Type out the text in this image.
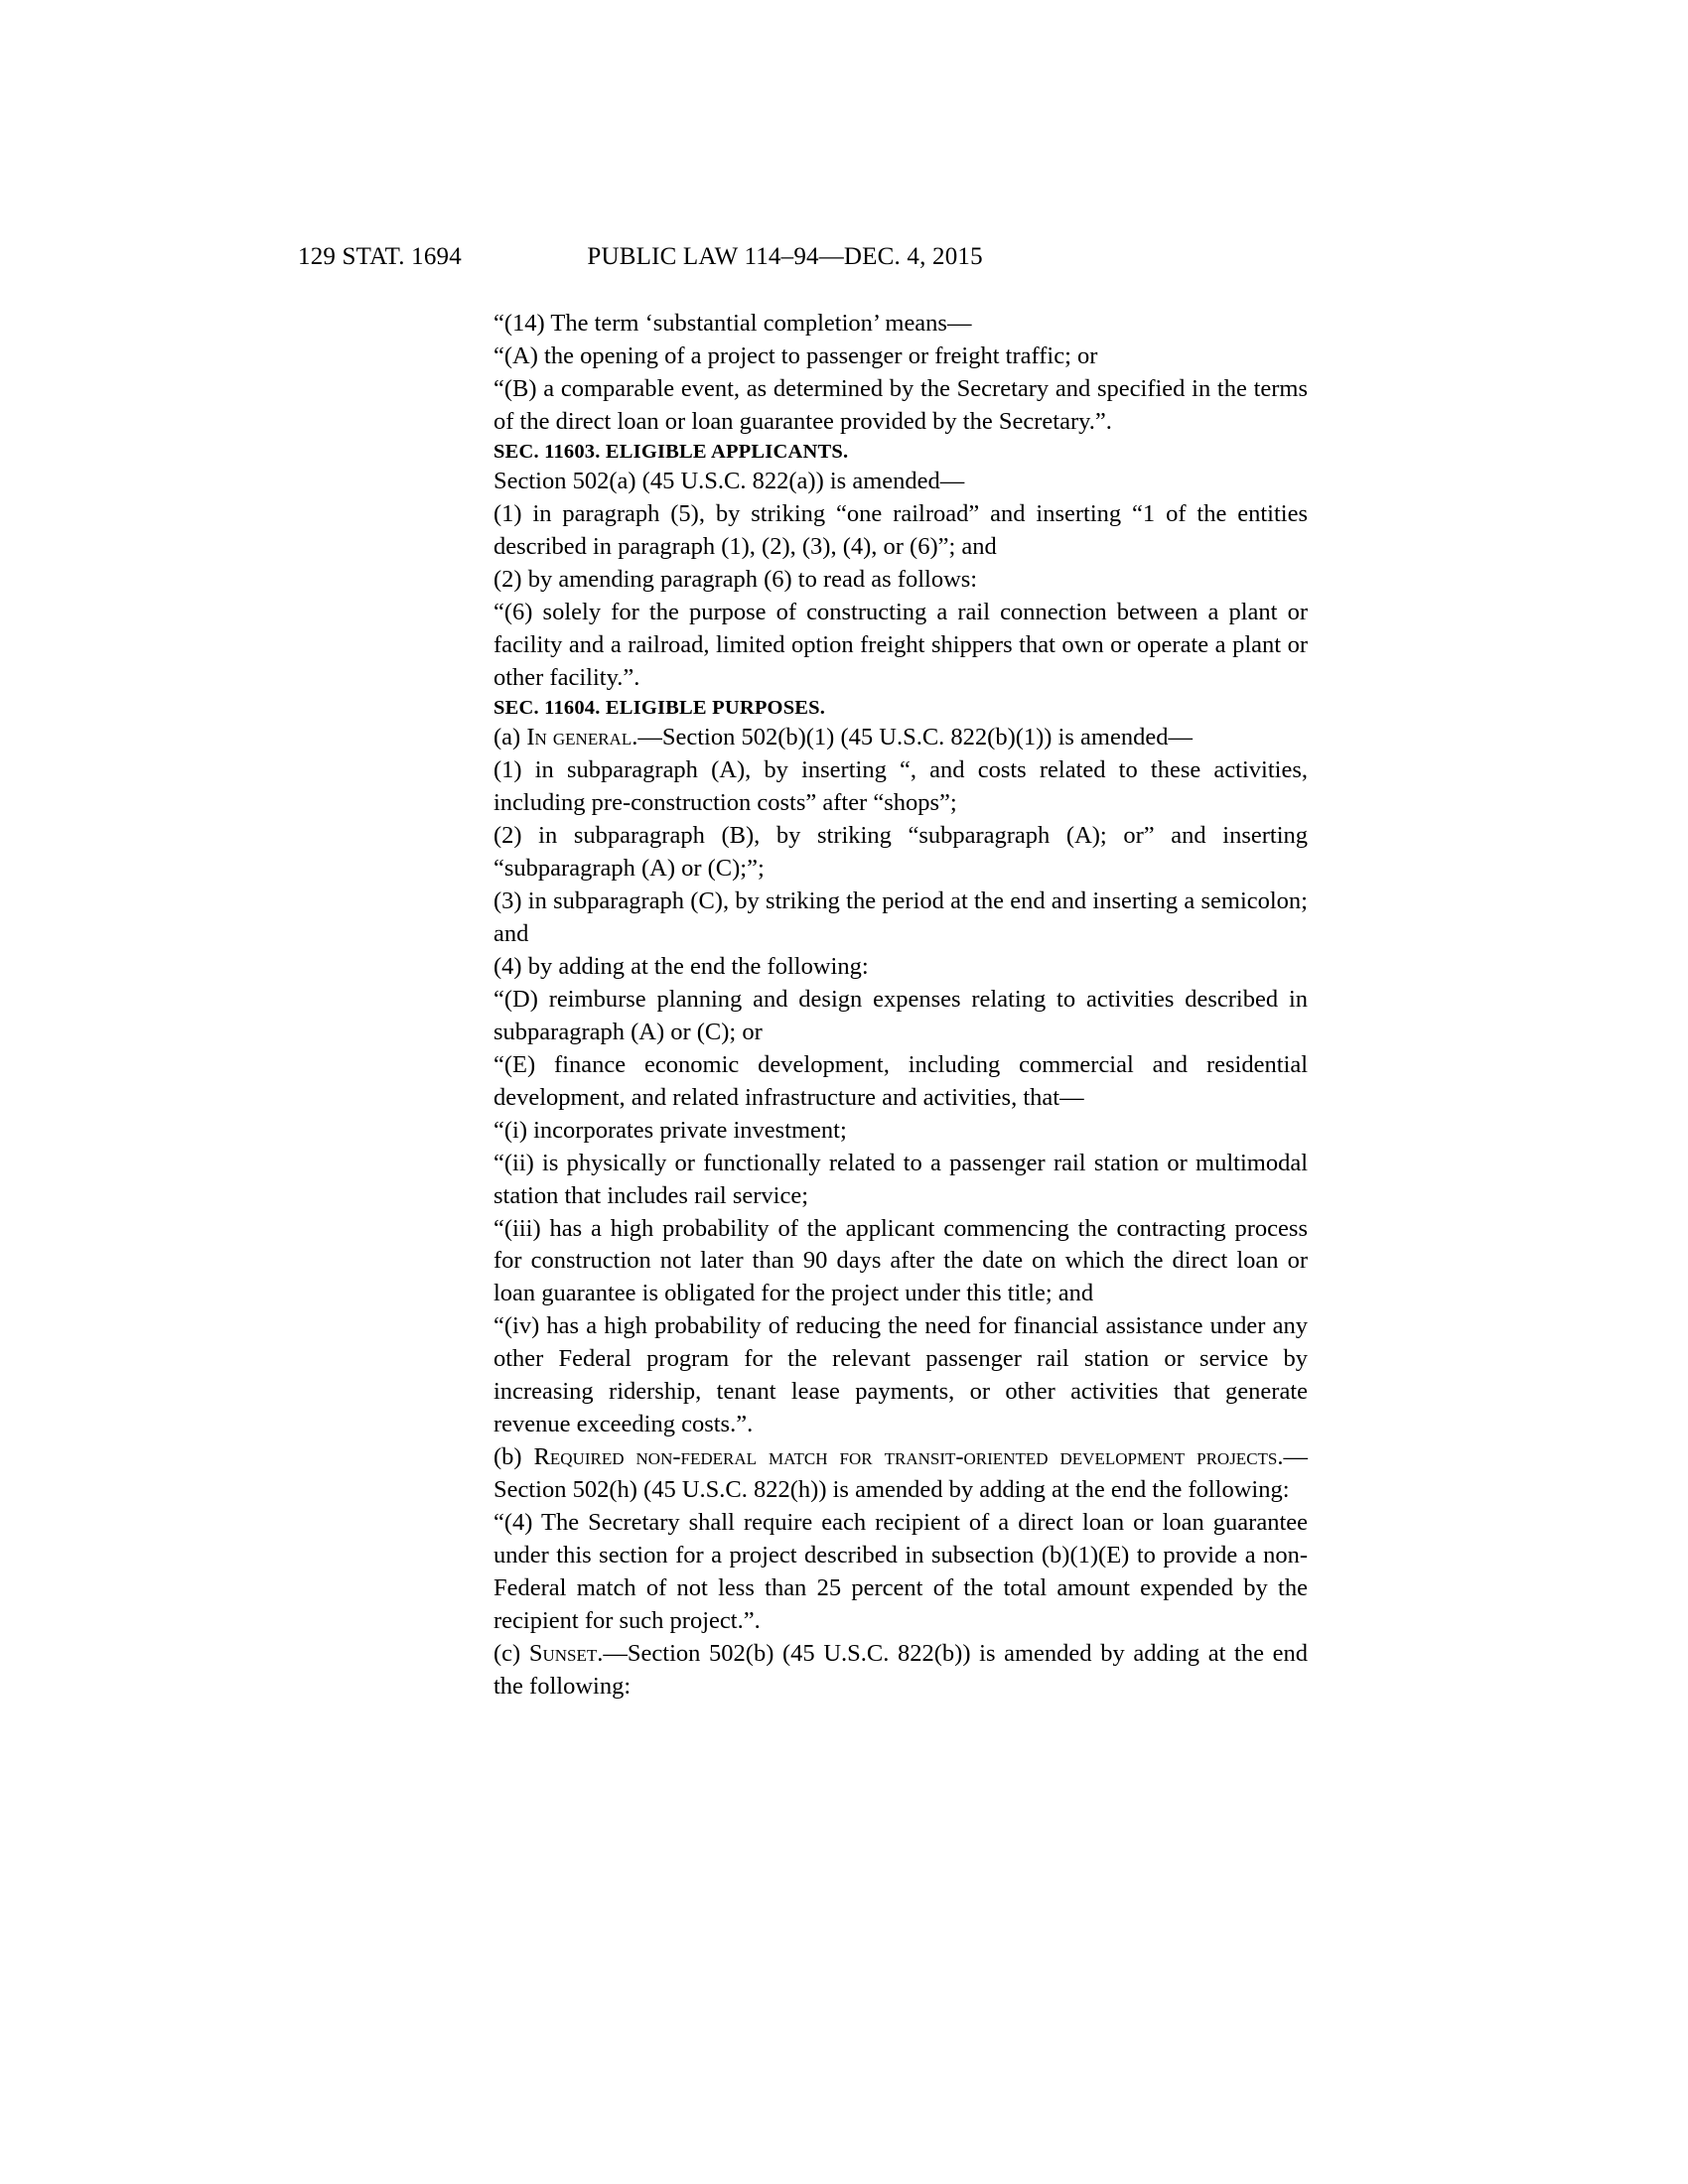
129 STAT. 1694	PUBLIC LAW 114–94—DEC. 4, 2015

“(14) The term ‘substantial completion’ means—

“(A) the opening of a project to passenger or freight traffic; or

“(B) a comparable event, as determined by the Secretary and specified in the terms of the direct loan or loan guarantee provided by the Secretary.”.

SEC. 11603. ELIGIBLE APPLICANTS.

Section 502(a) (45 U.S.C. 822(a)) is amended—

(1) in paragraph (5), by striking “one railroad” and inserting “1 of the entities described in paragraph (1), (2), (3), (4), or (6)”; and

(2) by amending paragraph (6) to read as follows:

“(6) solely for the purpose of constructing a rail connection between a plant or facility and a railroad, limited option freight shippers that own or operate a plant or other facility.”.

SEC. 11604. ELIGIBLE PURPOSES.

(a) In general.—Section 502(b)(1) (45 U.S.C. 822(b)(1)) is amended—

(1) in subparagraph (A), by inserting “, and costs related to these activities, including pre-construction costs” after “shops”;

(2) in subparagraph (B), by striking “subparagraph (A); or” and inserting “subparagraph (A) or (C);”;

(3) in subparagraph (C), by striking the period at the end and inserting a semicolon; and

(4) by adding at the end the following:

“(D) reimburse planning and design expenses relating to activities described in subparagraph (A) or (C); or

“(E) finance economic development, including commercial and residential development, and related infrastructure and activities, that—

“(i) incorporates private investment;

“(ii) is physically or functionally related to a passenger rail station or multimodal station that includes rail service;

“(iii) has a high probability of the applicant commencing the contracting process for construction not later than 90 days after the date on which the direct loan or loan guarantee is obligated for the project under this title; and

“(iv) has a high probability of reducing the need for financial assistance under any other Federal program for the relevant passenger rail station or service by increasing ridership, tenant lease payments, or other activities that generate revenue exceeding costs.”.

(b) Required non-federal match for transit-oriented development projects.—Section 502(h) (45 U.S.C. 822(h)) is amended by adding at the end the following:

“(4) The Secretary shall require each recipient of a direct loan or loan guarantee under this section for a project described in subsection (b)(1)(E) to provide a non-Federal match of not less than 25 percent of the total amount expended by the recipient for such project.”.

(c) Sunset.—Section 502(b) (45 U.S.C. 822(b)) is amended by adding at the end the following:
